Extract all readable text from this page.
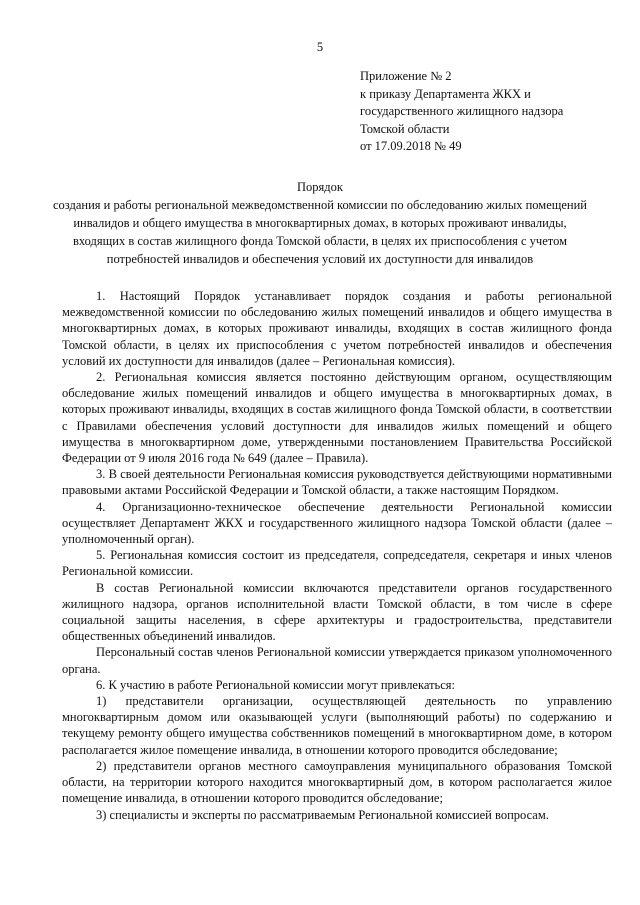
5
Приложение № 2
к приказу Департамента ЖКХ и
государственного жилищного надзора
Томской области
от 17.09.2018 № 49
Порядок

создания и работы региональной межведомственной комиссии по обследованию жилых помещений инвалидов и общего имущества в многоквартирных домах, в которых проживают инвалиды, входящих в состав жилищного фонда Томской области, в целях их приспособления с учетом потребностей инвалидов и обеспечения условий их доступности для инвалидов

1. Настоящий Порядок устанавливает порядок создания и работы региональной межведомственной комиссии по обследованию жилых помещений инвалидов и общего имущества в многоквартирных домах, в которых проживают инвалиды, входящих в состав жилищного фонда Томской области, в целях их приспособления с учетом потребностей инвалидов и обеспечения условий их доступности для инвалидов (далее – Региональная комиссия).

2. Региональная комиссия является постоянно действующим органом, осуществляющим обследование жилых помещений инвалидов и общего имущества в многоквартирных домах, в которых проживают инвалиды, входящих в состав жилищного фонда Томской области, в соответствии с Правилами обеспечения условий доступности для инвалидов жилых помещений и общего имущества в многоквартирном доме, утвержденными постановлением Правительства Российской Федерации от 9 июля 2016 года № 649 (далее – Правила).

3. В своей деятельности Региональная комиссия руководствуется действующими нормативными правовыми актами Российской Федерации и Томской области, а также настоящим Порядком.

4. Организационно-техническое обеспечение деятельности Региональной комиссии осуществляет Департамент ЖКХ и государственного жилищного надзора Томской области (далее – уполномоченный орган).

5. Региональная комиссия состоит из председателя, сопредседателя, секретаря и иных членов Региональной комиссии.

В состав Региональной комиссии включаются представители органов государственного жилищного надзора, органов исполнительной власти Томской области, в том числе в сфере социальной защиты населения, в сфере архитектуры и градостроительства, представители общественных объединений инвалидов.

Персональный состав членов Региональной комиссии утверждается приказом уполномоченного органа.

6. К участию в работе Региональной комиссии могут привлекаться:

1) представители организации, осуществляющей деятельность по управлению многоквартирным домом или оказывающей услуги (выполняющий работы) по содержанию и текущему ремонту общего имущества собственников помещений в многоквартирном доме, в котором располагается жилое помещение инвалида, в отношении которого проводится обследование;

2) представители органов местного самоуправления муниципального образования Томской области, на территории которого находится многоквартирный дом, в котором располагается жилое помещение инвалида, в отношении которого проводится обследование;

3) специалисты и эксперты по рассматриваемым Региональной комиссией вопросам.
